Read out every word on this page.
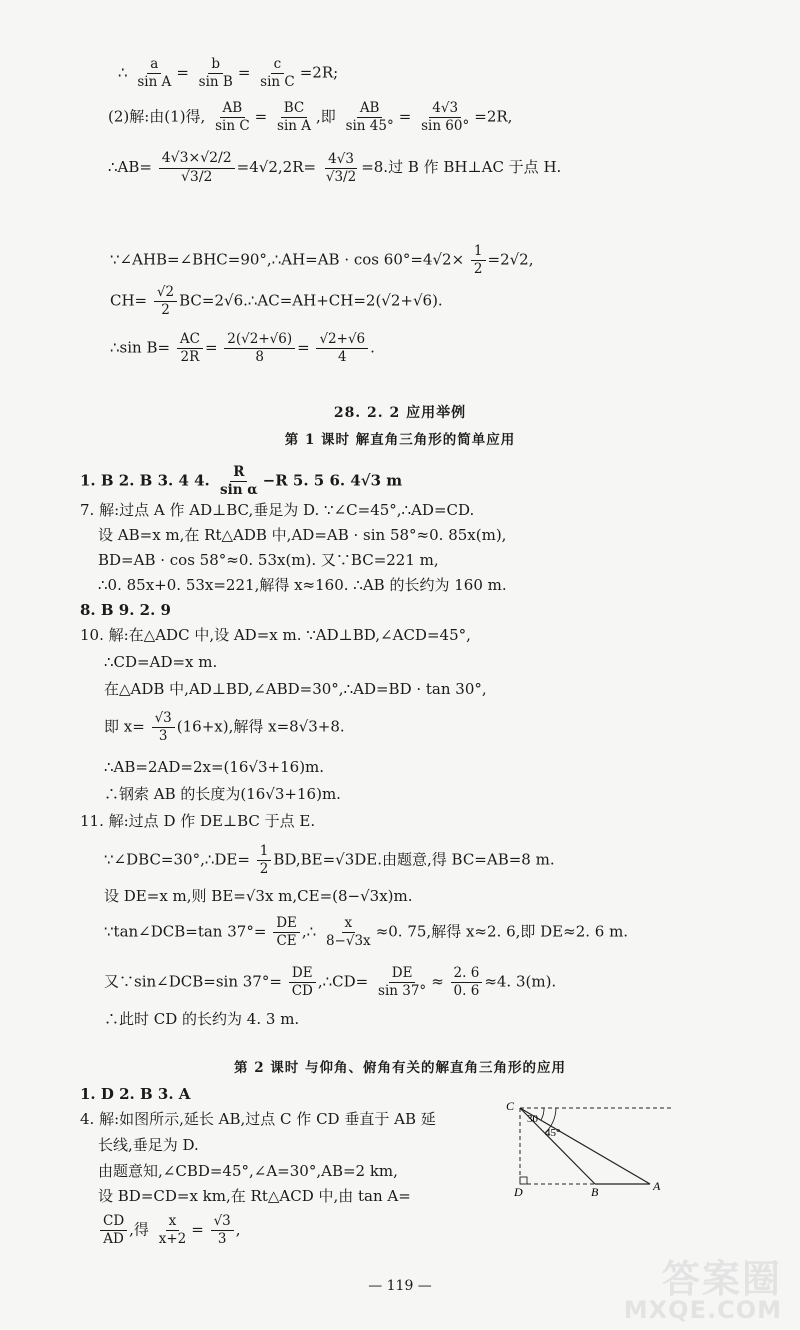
∴ $\frac{a}{\text{sin A}} = \frac{b}{\text{sin B}} = \frac{c}{\text{sin C}} =2R$;
(2)解:由(1)得, $\frac{AB}{\text{sin C}} = \frac{BC}{\text{sin A}}$ ,即 $\frac{AB}{\sin 45^\circ} = \frac{4√3}{\sin 60^\circ} =2R$,
∴AB= $\frac{4√3\times√2/2}{√3/2} =4√2,2R= \frac{4√3}{√3/2} =8$.过 B 作 BH⊥AC 于点 H.
∵∠AHB=∠BHC=90°,∴AH=AB · $\cos 60^\circ=4√2\times \frac{1}{2} =2√2$,
$CH= \frac{√2}{2}$ BC=2√6.∴AC=AH+CH=2(√2+√6).
∴sin $B= \frac{AC}{2R} = \frac{2(√2+√6)}{8} = \frac{√2+√6}{4}$ .
28. 2. 2 应用举例
第 1 课时 解直角三角形的简单应用
1. B 2. B 3. 4 4. $\frac{R}{\text{sin α}} -R$ 5. 5 6. 4√3 m
7. 解:过点 A 作 AD⊥BC,垂足为 D. ∵∠C=45°,∴AD=CD.
设 AB=x m,在 Rt△ADB 中,AD=AB · sin 58°≈0. 85x(m),
BD=AB · cos 58°≈0. 53x(m). 又∵BC=221 m,
∴0. 85x+0. 53x=221,解得 x≈160. ∴AB 的长约为 160 m.
8. B 9. 2. 9
10. 解:在△ADC 中,设 AD=x m. ∵AD⊥BD,∠ACD=45°,
∴CD=AD=x m.
在△ADB 中,AD⊥BD,∠ABD=30°,∴AD=BD · tan 30°,
即 $x= \frac{√3}{3} (16+x)$,解得 x=8√3+8.
∴AB=2AD=2x=(16√3+16)m.
∴钢索 AB 的长度为(16√3+16)m.
11. 解:过点 D 作 DE⊥BC 于点 E.
∵∠DBC=30°,∴DE= $\frac{1}{2} BD,BE=√3DE$.由题意,得 BC=AB=8 m.
设 DE=x m,则 BE=√3x m,CE=(8−√3x)m.
∵tan∠DCB=tan $37^\circ= \frac{DE}{CE}$ ,∴ $\frac{x}{8-√3x} \approx 0$. 75,解得 x≈2. 6,即 DE≈2. 6 m.
又∵sin∠DCB=sin $37^\circ= \frac{DE}{CD}$ ,∴CD= $\frac{DE}{\sin 37^\circ} \approx \frac{2. 6}{0. 6} \approx 4$. 3(m).
∴此时 CD 的长约为 4. 3 m.
第 2 课时 与仰角、俯角有关的解直角三角形的应用
1. D 2. B 3. A
4. 解:如图所示,延长 AB,过点 C 作 CD 垂直于 AB 延
长线,垂足为 D.
由题意知,∠CBD=45°,∠A=30°,AB=2 km,
设 BD=CD=x km,在 Rt△ACD 中,由 tan A=
$\frac{CD}{AD}$ ,得 $\frac{x}{x+2} = \frac{√3}{3}$ ,
C
30
45°
D	B	A
— 119 —	答案圈
MXQE.COM
